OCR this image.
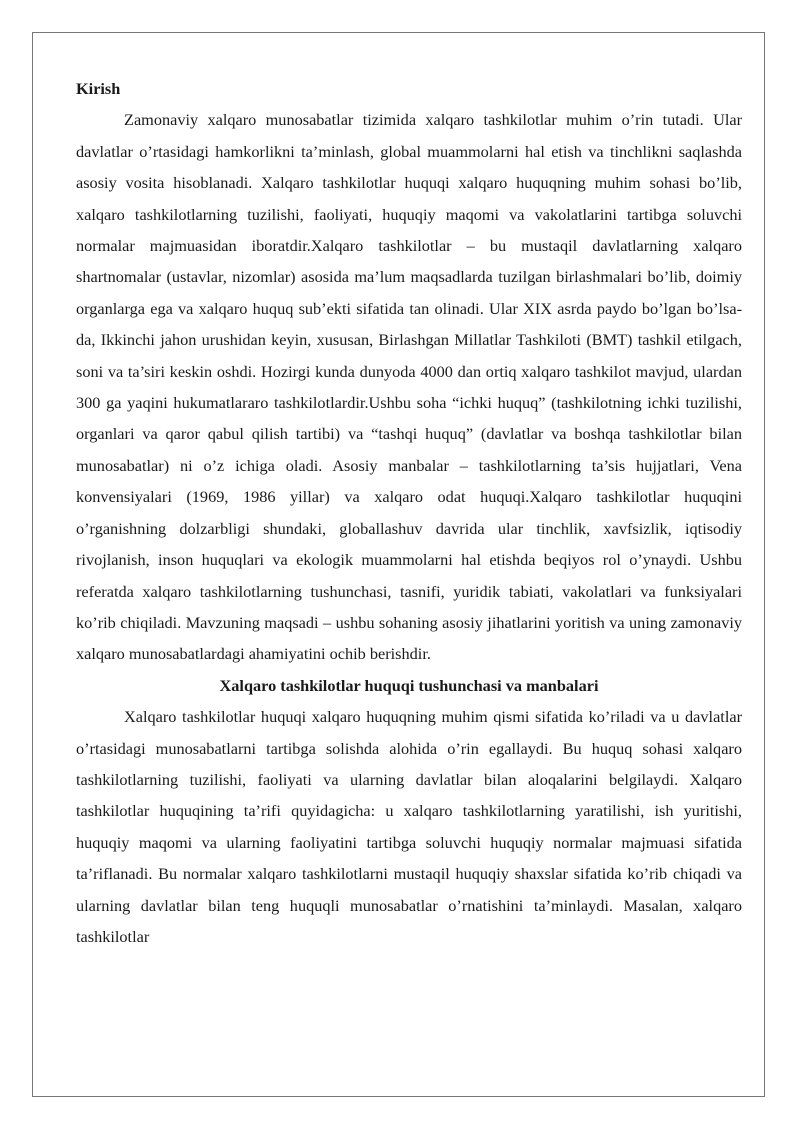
Kirish

Zamonaviy xalqaro munosabatlar tizimida xalqaro tashkilotlar muhim o’rin tutadi. Ular davlatlar o’rtasidagi hamkorlikni ta’minlash, global muammolarni hal etish va tinchlikni saqlashda asosiy vosita hisoblanadi. Xalqaro tashkilotlar huquqi xalqaro huquqning muhim sohasi bo’lib, xalqaro tashkilotlarning tuzilishi, faoliyati, huquqiy maqomi va vakolatlarini tartibga soluvchi normalar majmuasidan iboratdir.Xalqaro tashkilotlar – bu mustaqil davlatlarning xalqaro shartnomalar (ustavlar, nizomlar) asosida ma’lum maqsadlarda tuzilgan birlashmalari bo’lib, doimiy organlarga ega va xalqaro huquq sub’ekti sifatida tan olinadi. Ular XIX asrda paydo bo’lgan bo’lsa-da, Ikkinchi jahon urushidan keyin, xususan, Birlashgan Millatlar Tashkiloti (BMT) tashkil etilgach, soni va ta’siri keskin oshdi. Hozirgi kunda dunyoda 4000 dan ortiq xalqaro tashkilot mavjud, ulardan 300 ga yaqini hukumatlararo tashkilotlardir.Ushbu soha “ichki huquq” (tashkilotning ichki tuzilishi, organlari va qaror qabul qilish tartibi) va “tashqi huquq” (davlatlar va boshqa tashkilotlar bilan munosabatlar) ni o’z ichiga oladi. Asosiy manbalar – tashkilotlarning ta’sis hujjatlari, Vena konvensiyalari (1969, 1986 yillar) va xalqaro odat huquqi.Xalqaro tashkilotlar huquqini o’rganishning dolzarbligi shundaki, globallashuv davrida ular tinchlik, xavfsizlik, iqtisodiy rivojlanish, inson huquqlari va ekologik muammolarni hal etishda beqiyos rol o’ynaydi. Ushbu referatda xalqaro tashkilotlarning tushunchasi, tasnifi, yuridik tabiati, vakolatlari va funksiyalari ko’rib chiqiladi. Mavzuning maqsadi – ushbu sohaning asosiy jihatlarini yoritish va uning zamonaviy xalqaro munosabatlardagi ahamiyatini ochib berishdir.

Xalqaro tashkilotlar huquqi tushunchasi va manbalari

Xalqaro tashkilotlar huquqi xalqaro huquqning muhim qismi sifatida ko’riladi va u davlatlar o’rtasidagi munosabatlarni tartibga solishda alohida o’rin egallaydi. Bu huquq sohasi xalqaro tashkilotlarning tuzilishi, faoliyati va ularning davlatlar bilan aloqalarini belgilaydi. Xalqaro tashkilotlar huquqining ta’rifi quyidagicha: u xalqaro tashkilotlarning yaratilishi, ish yuritishi, huquqiy maqomi va ularning faoliyatini tartibga soluvchi huquqiy normalar majmuasi sifatida ta’riflanadi. Bu normalar xalqaro tashkilotlarni mustaqil huquqiy shaxslar sifatida ko’rib chiqadi va ularning davlatlar bilan teng huquqli munosabatlar o’rnatishini ta’minlaydi. Masalan, xalqaro tashkilotlar
